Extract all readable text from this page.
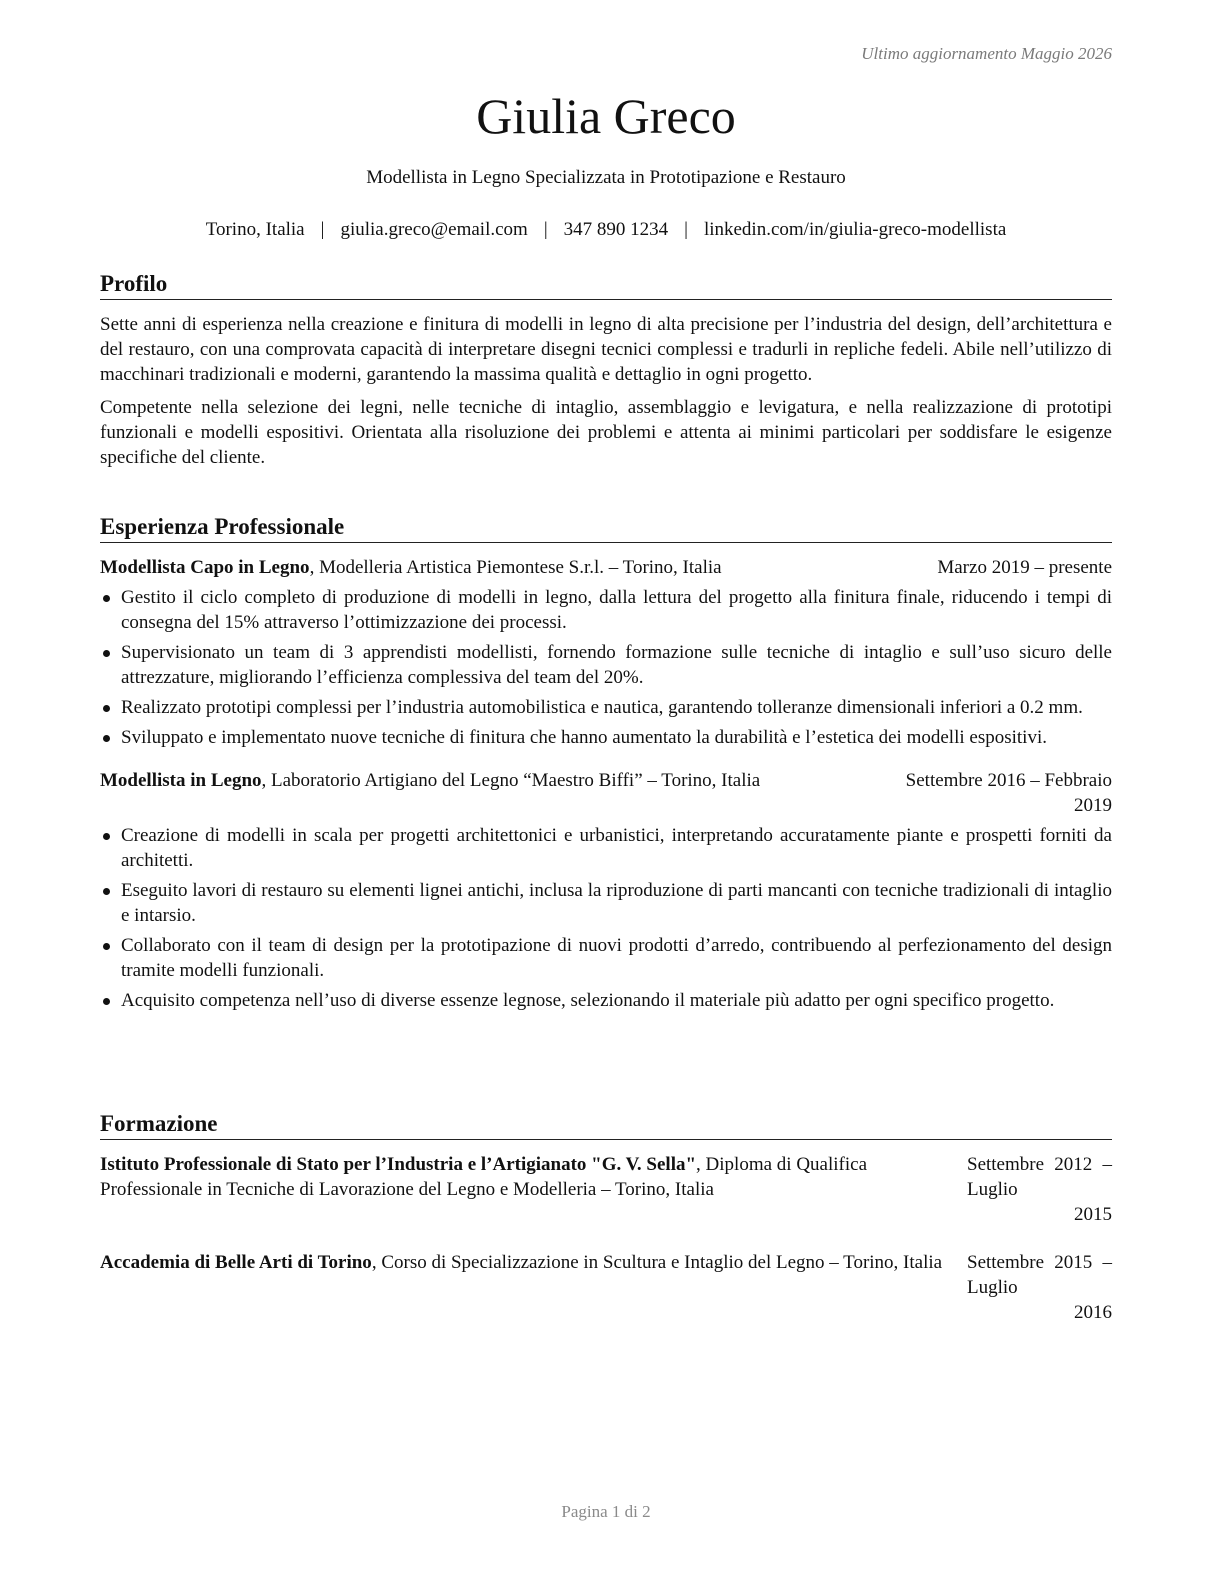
Ultimo aggiornamento Maggio 2026
Giulia Greco
Modellista in Legno Specializzata in Prototipazione e Restauro
Torino, Italia | giulia.greco@email.com | 347 890 1234 | linkedin.com/in/giulia-greco-modellista
Profilo

Sette anni di esperienza nella creazione e finitura di modelli in legno di alta precisione per l’industria del design, dell’architettura e del restauro, con una comprovata capacità di interpretare disegni tecnici complessi e tradurli in repliche fedeli. Abile nell’utilizzo di macchinari tradizionali e moderni, garantendo la massima qualità e dettaglio in ogni progetto.

Competente nella selezione dei legni, nelle tecniche di intaglio, assemblaggio e levigatura, e nella realizzazione di prototipi funzionali e modelli espositivi. Orientata alla risoluzione dei problemi e attenta ai minimi particolari per soddisfare le esigenze specifiche del cliente.

Esperienza Professionale
Modellista Capo in Legno, Modelleria Artistica Piemontese S.r.l. – Torino, Italia	Marzo 2019 – presente
Gestito il ciclo completo di produzione di modelli in legno, dalla lettura del progetto alla finitura finale, riducendo i tempi di consegna del 15% attraverso l’ottimizzazione dei processi.
Supervisionato un team di 3 apprendisti modellisti, fornendo formazione sulle tecniche di intaglio e sull’uso sicuro delle attrezzature, migliorando l’efficienza complessiva del team del 20%.
Realizzato prototipi complessi per l’industria automobilistica e nautica, garantendo tolleranze dimensionali inferiori a 0.2 mm.
Sviluppato e implementato nuove tecniche di finitura che hanno aumentato la durabilità e l’estetica dei modelli espositivi.
Modellista in Legno, Laboratorio Artigiano del Legno “Maestro Biffi” – Torino, Italia	Settembre 2016 – Febbraio 2019
Creazione di modelli in scala per progetti architettonici e urbanistici, interpretando accuratamente piante e prospetti forniti da architetti.
Eseguito lavori di restauro su elementi lignei antichi, inclusa la riproduzione di parti mancanti con tecniche tradizionali di intaglio e intarsio.
Collaborato con il team di design per la prototipazione di nuovi prodotti d’arredo, contribuendo al perfezionamento del design tramite modelli funzionali.
Acquisito competenza nell’uso di diverse essenze legnose, selezionando il materiale più adatto per ogni specifico progetto.
Formazione
Istituto Professionale di Stato per l’Industria e l’Artigianato "G. V. Sella", Diploma di Qualifica Professionale in Tecniche di Lavorazione del Legno e Modelleria – Torino, Italia
Settembre 2012 – Luglio
2015
Accademia di Belle Arti di Torino, Corso di Specializzazione in Scultura e Intaglio del Legno – Torino, Italia	Settembre 2015 – Luglio
2016
Pagina 1 di 2
